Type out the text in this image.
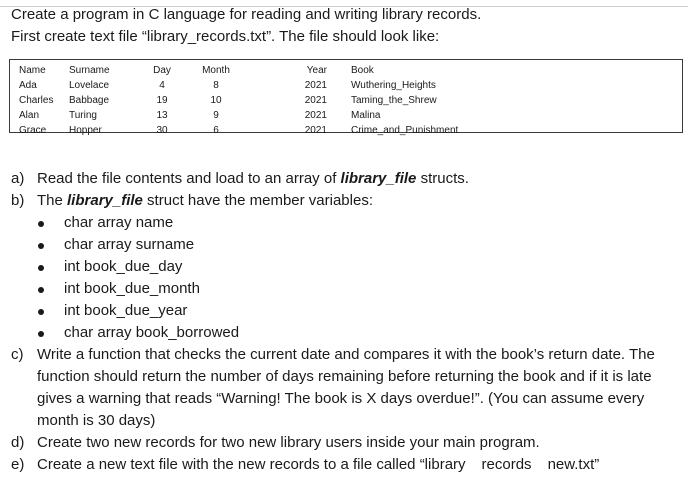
Create a program in C language for reading and writing library records.
First create text file “library_records.txt”. The file should look like:
Name	Surname	Day	Month	Year	Book
Ada	Lovelace	4	8	2021	Wuthering_Heights
Charles	Babbage	19	10	2021	Taming_the_Shrew
Alan	Turing	13	9	2021	Malina
Grace	Hopper	30	6	2021	Crime_and_Punishment
a) Read the file contents and load to an array of library_file structs.
b) The library_file struct have the member variables:
char array name
char array surname
int book_due_day
int book_due_month
int book_due_year
char array book_borrowed
c) Write a function that checks the current date and compares it with the book’s return date. The function should return the number of days remaining before returning the book and if it is late gives a warning that reads “Warning! The book is X days overdue!”. (You can assume every month is 30 days)
d) Create two new records for two new library users inside your main program.
e) Create a new text file with the new records to a file called “library records new.txt”
